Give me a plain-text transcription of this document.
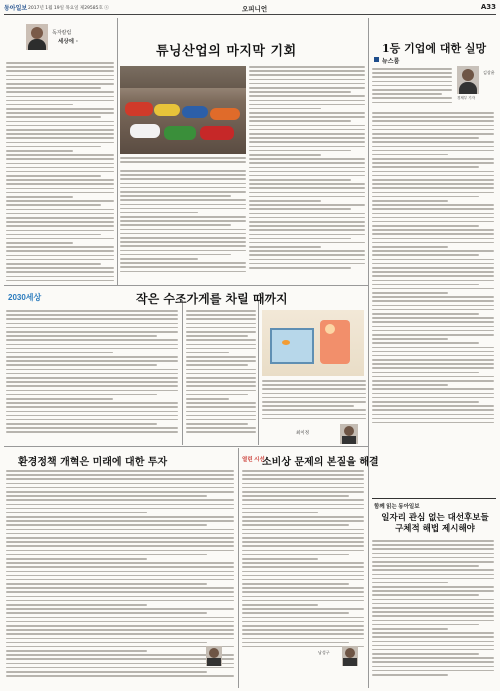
동아일보 2017년 1월 19일 목요일 제29585호 ⓐ	오피니언	A33
독자칼럼
세상에 ·
튜닝산업의 마지막 기회	1등 기업에 대한 실망
뉴스룸
김상윤
경제부 기자
2030세상	작은 수조가게를 차릴 때까지
최이정
환경정책 개혁은 미래에 대한 투자	열린 시선
소비상 문제의 본질을 해결
남성구
함께 읽는 동아일보
일자리 관심 없는 대선후보들 구체적 해법 제시해야
